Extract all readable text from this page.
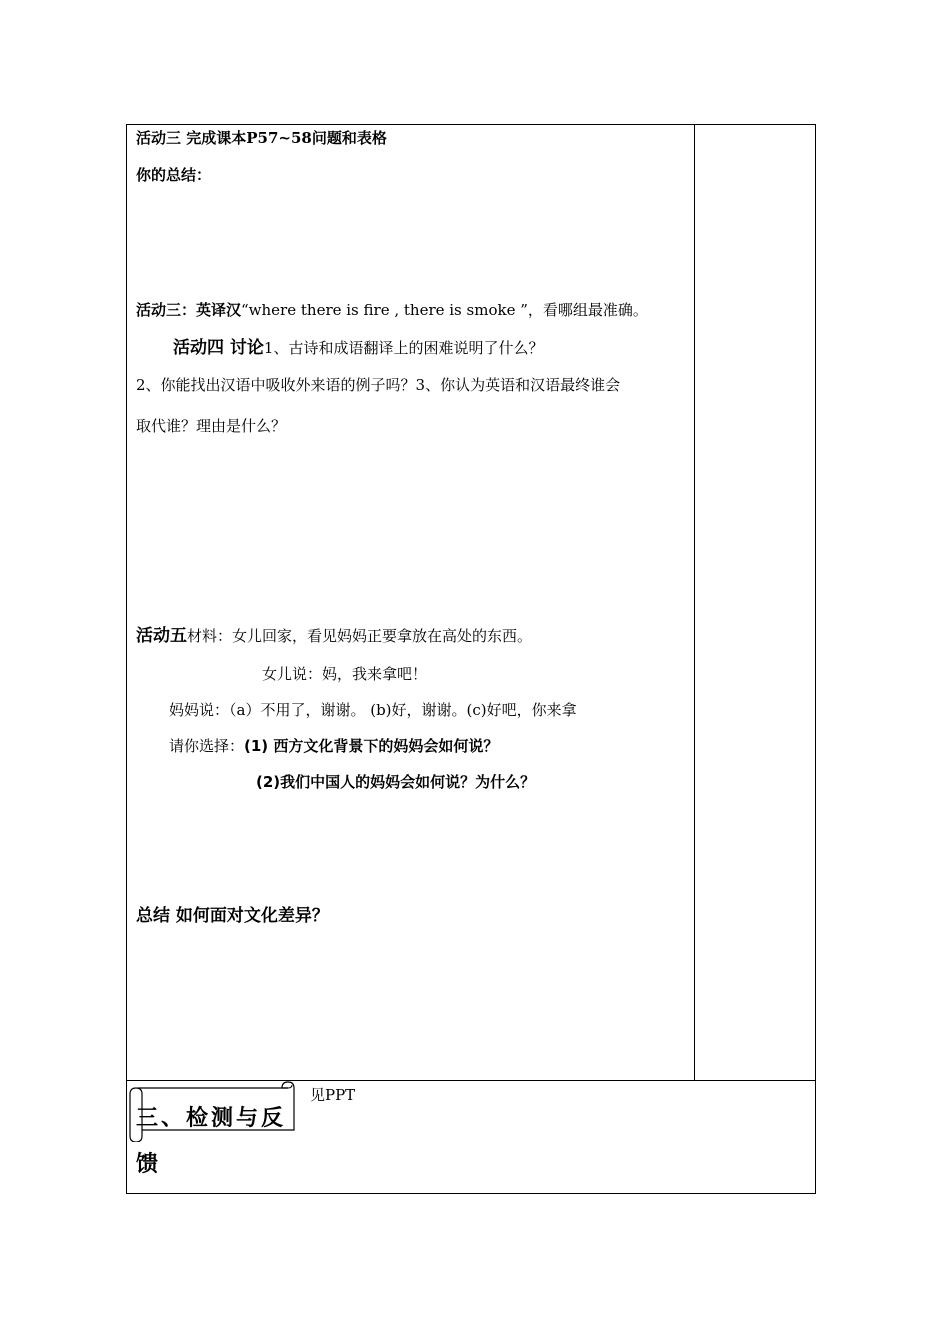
活动三 完成课本P57~58问题和表格
你的总结：
活动三：英译汉“where there is fire , there is smoke ”，看哪组最准确。
活动四 讨论1、古诗和成语翻译上的困难说明了什么？
2、你能找出汉语中吸收外来语的例子吗？3、你认为英语和汉语最终谁会
取代谁？理由是什么？
活动五材料：女儿回家，看见妈妈正要拿放在高处的东西。
女儿说：妈，我来拿吧！
妈妈说：（a）不用了，谢谢。 (b)好，谢谢。(c)好吧，你来拿
请你选择：(1) 西方文化背景下的妈妈会如何说？
(2)我们中国人的妈妈会如何说？为什么？
总结 如何面对文化差异？
三、检测与反
馈
见PPT
